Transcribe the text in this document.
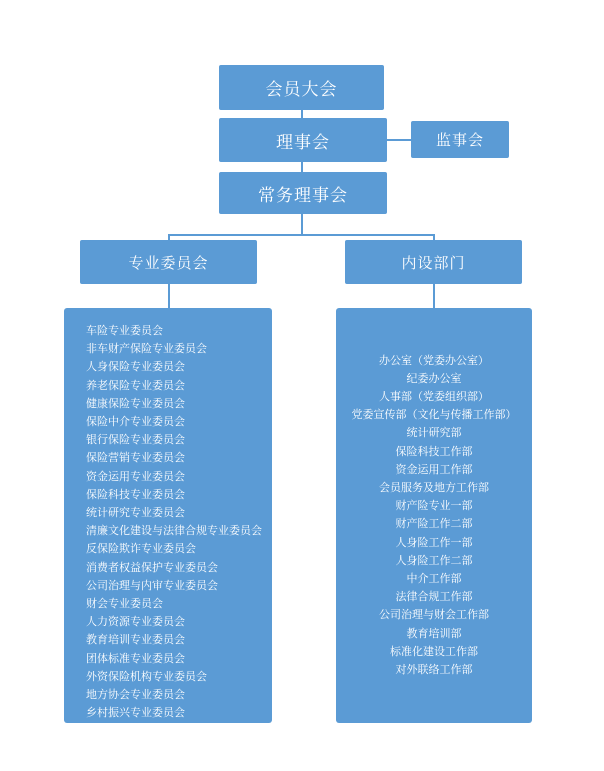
会员大会
理事会	监事会
常务理事会
专业委员会	内设部门
车险专业委员会
非车财产保险专业委员会
人身保险专业委员会
养老保险专业委员会
健康保险专业委员会
保险中介专业委员会
银行保险专业委员会
保险营销专业委员会
资金运用专业委员会
保险科技专业委员会
统计研究专业委员会
清廉文化建设与法律合规专业委员会
反保险欺诈专业委员会
消费者权益保护专业委员会
公司治理与内审专业委员会
财会专业委员会
人力资源专业委员会
教育培训专业委员会
团体标准专业委员会
外资保险机构专业委员会
地方协会专业委员会
乡村振兴专业委员会
声誉风险管理专业委员会
互联网保险专业委员会（筹）
办公室（党委办公室）
纪委办公室
人事部（党委组织部）
党委宣传部（文化与传播工作部）
统计研究部
保险科技工作部
资金运用工作部
会员服务及地方工作部
财产险专业一部
财产险工作二部
人身险工作一部
人身险工作二部
中介工作部
法律合规工作部
公司治理与财会工作部
教育培训部
标准化建设工作部
对外联络工作部
